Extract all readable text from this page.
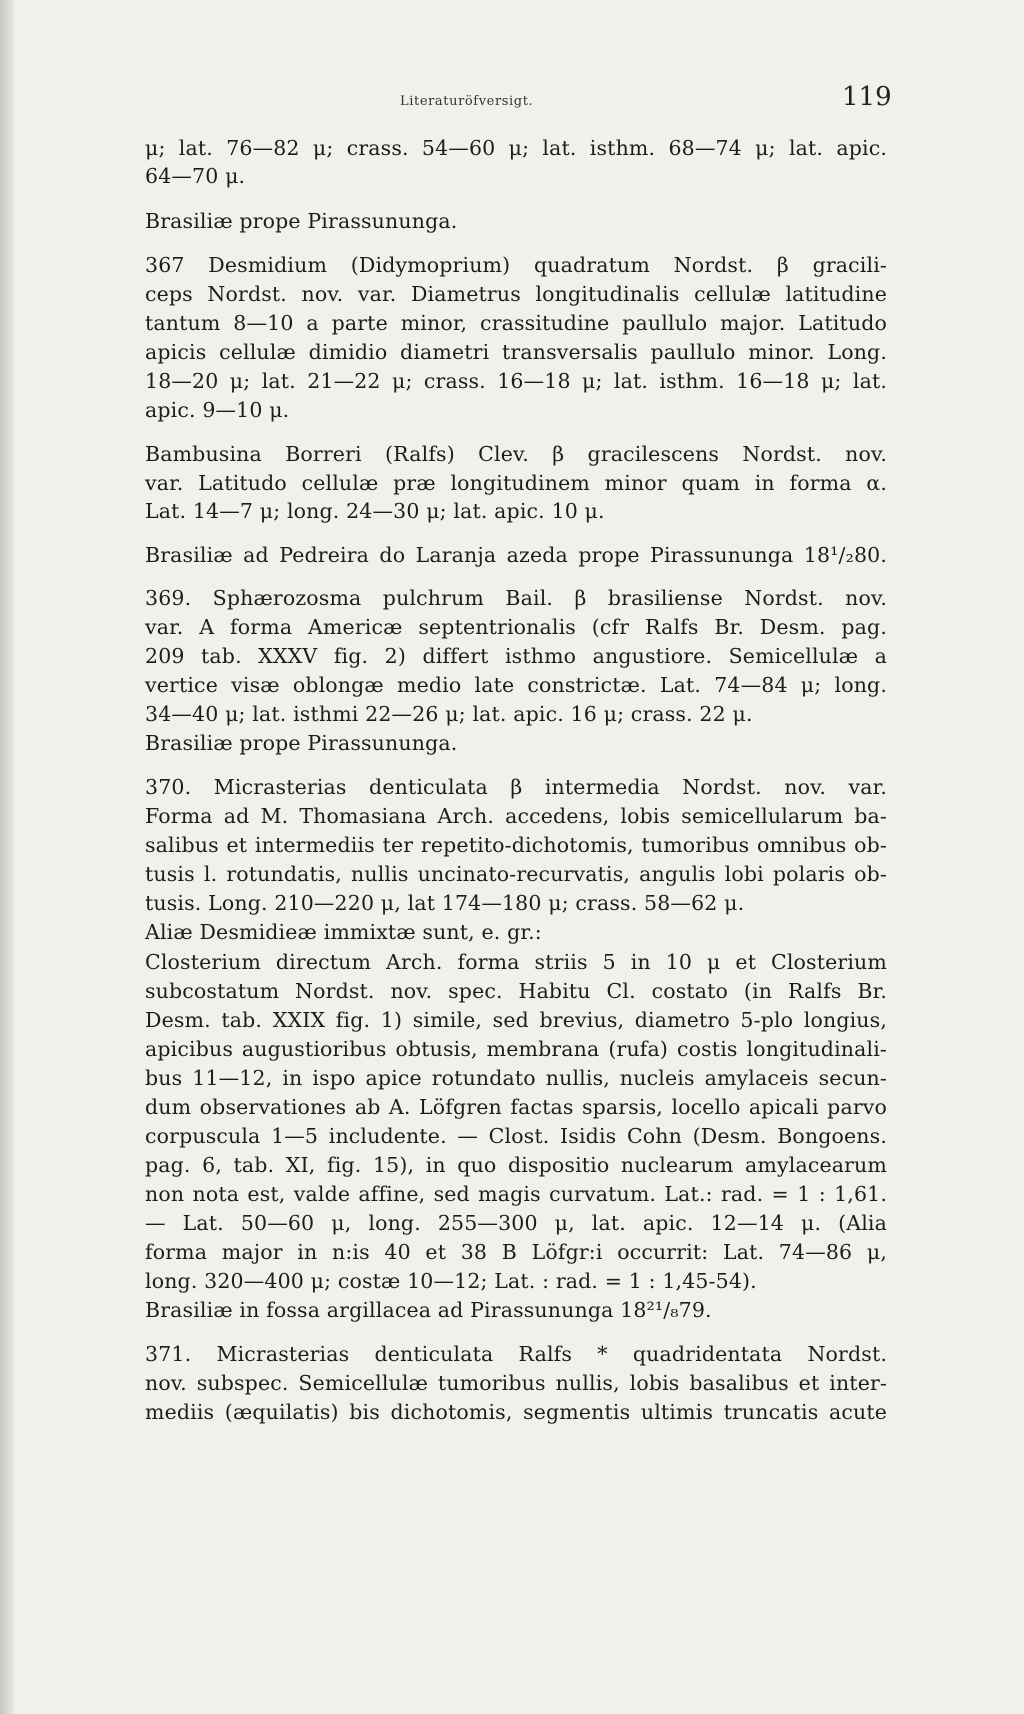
Literaturöfversigt.	119
μ; lat. 76—82 μ; crass. 54—60 μ; lat. isthm. 68—74 μ; lat. apic.
64—70 μ.
Brasiliæ prope Pirassununga.
367 Desmidium (Didymoprium) quadratum Nordst. β gracili-
ceps Nordst. nov. var. Diametrus longitudinalis cellulæ latitudine
tantum 8—10 a parte minor, crassitudine paullulo major. Latitudo
apicis cellulæ dimidio diametri transversalis paullulo minor. Long.
18—20 μ; lat. 21—22 μ; crass. 16—18 μ; lat. isthm. 16—18 μ; lat.
apic. 9—10 μ.
Bambusina Borreri (Ralfs) Clev. β gracilescens Nordst. nov.
var. Latitudo cellulæ præ longitudinem minor quam in forma α.
Lat. 14—7 μ; long. 24—30 μ; lat. apic. 10 μ.
Brasiliæ ad Pedreira do Laranja azeda prope Pirassununga 18¹/₂80.
369. Sphærozosma pulchrum Bail. β brasiliense Nordst. nov.
var. A forma Americæ septentrionalis (cfr Ralfs Br. Desm. pag.
209 tab. XXXV fig. 2) differt isthmo angustiore. Semicellulæ a
vertice visæ oblongæ medio late constrictæ. Lat. 74—84 μ; long.
34—40 μ; lat. isthmi 22—26 μ; lat. apic. 16 μ; crass. 22 μ.
Brasiliæ prope Pirassununga.
370. Micrasterias denticulata β intermedia Nordst. nov. var.
Forma ad M. Thomasiana Arch. accedens, lobis semicellularum ba-
salibus et intermediis ter repetito-dichotomis, tumoribus omnibus ob-
tusis l. rotundatis, nullis uncinato-recurvatis, angulis lobi polaris ob-
tusis. Long. 210—220 μ, lat 174—180 μ; crass. 58—62 μ.
Aliæ Desmidieæ immixtæ sunt, e. gr.:
Closterium directum Arch. forma striis 5 in 10 μ et Closterium
subcostatum Nordst. nov. spec. Habitu Cl. costato (in Ralfs Br.
Desm. tab. XXIX fig. 1) simile, sed brevius, diametro 5-plo longius,
apicibus augustioribus obtusis, membrana (rufa) costis longitudinali-
bus 11—12, in ispo apice rotundato nullis, nucleis amylaceis secun-
dum observationes ab A. Löfgren factas sparsis, locello apicali parvo
corpuscula 1—5 includente. — Clost. Isidis Cohn (Desm. Bongoens.
pag. 6, tab. XI, fig. 15), in quo dispositio nuclearum amylacearum
non nota est, valde affine, sed magis curvatum. Lat.: rad. = 1 : 1,61.
— Lat. 50—60 μ, long. 255—300 μ, lat. apic. 12—14 μ. (Alia
forma major in n:is 40 et 38 B Löfgr:i occurrit: Lat. 74—86 μ,
long. 320—400 μ; costæ 10—12; Lat. : rad. = 1 : 1,45-54).
Brasiliæ in fossa argillacea ad Pirassununga 18²¹/₈79.
371. Micrasterias denticulata Ralfs * quadridentata Nordst.
nov. subspec. Semicellulæ tumoribus nullis, lobis basalibus et inter-
mediis (æquilatis) bis dichotomis, segmentis ultimis truncatis acute
